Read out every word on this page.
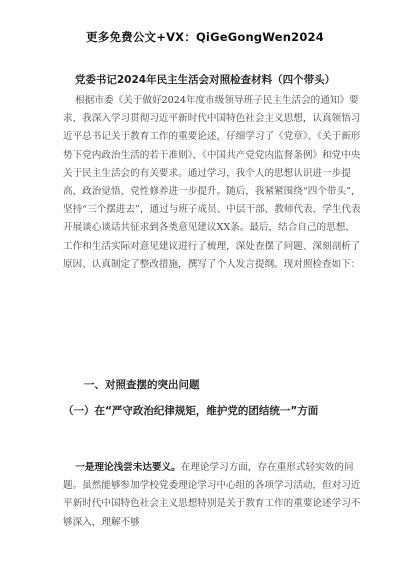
更多免费公文+VX：QiGeGongWen2024
党委书记2024年民主生活会对照检查材料（四个带头）
根据市委《关于做好2024年度市级领导班子民主生活会的通知》要求，我深入学习贯彻习近平新时代中国特色社会主义思想，认真领悟习近平总书记关于教育工作的重要论述，仔细学习了《党章》、《关于新形势下党内政治生活的若干准则》、《中国共产党党内监督条例》和党中央关于民主生活会的有关要求。通过学习，我个人的思想认识进一步提高，政治觉悟、党性修养进一步提升。随后，我紧紧围绕“四个带头”，坚持“三个摆进去”，通过与班子成员、中层干部、教师代表、学生代表开展谈心谈话共征求到各类意见建议XX条。最后，结合自己的思想、工作和生活实际对意见建议进行了梳理，深处查摆了问题、深刻剖析了原因、认真制定了整改措施，撰写了个人发言提纲。现对照检查如下：
一、对照查摆的突出问题
（一）在“严守政治纪律规矩，维护党的团结统一”方面
一是理论浅尝未达要义。在理论学习方面，存在重形式轻实效的问题。虽然能够参加学校党委理论学习中心组的各项学习活动，但对习近平新时代中国特色社会主义思想特别是关于教育工作的重要论述学习不够深入，理解不够
